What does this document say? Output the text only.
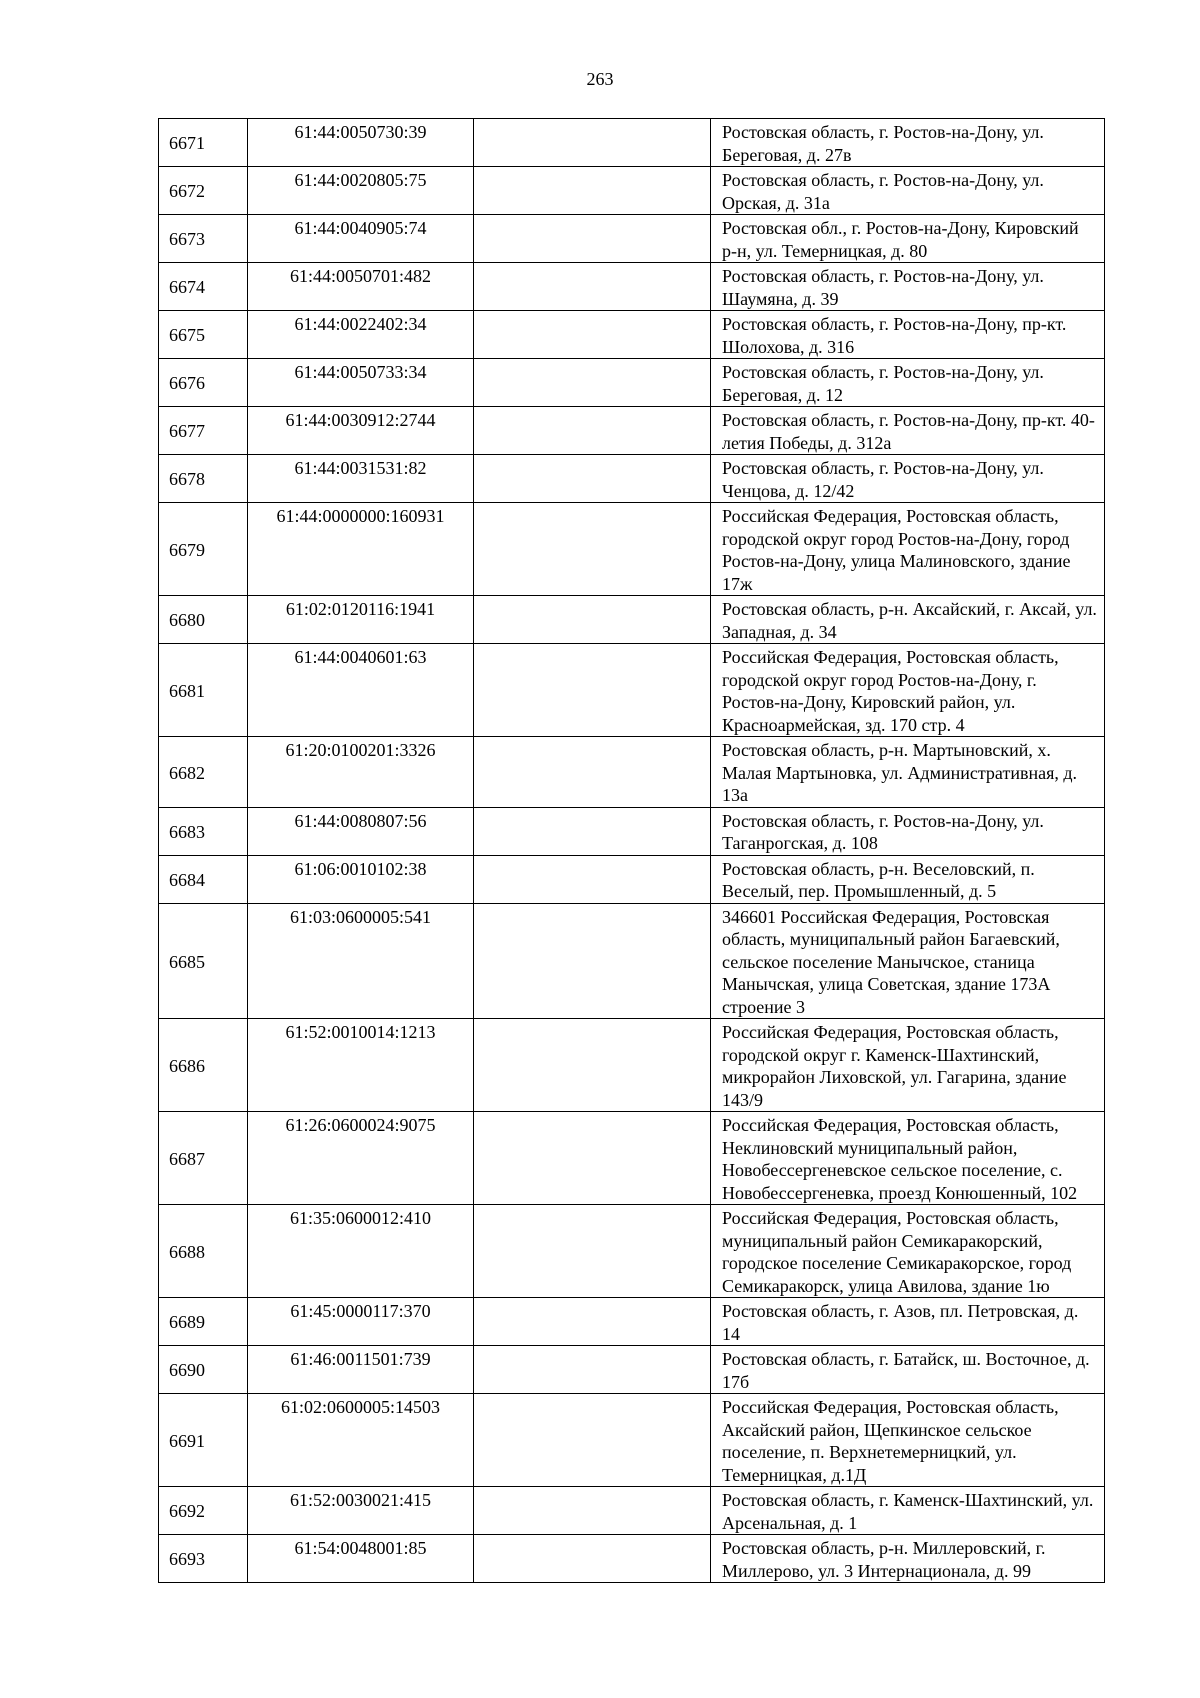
263
6671	61:44:0050730:39		Ростовская область, г. Ростов-на-Дону, ул. Береговая, д. 27в
6672	61:44:0020805:75		Ростовская область, г. Ростов-на-Дону, ул. Орская, д. 31а
6673	61:44:0040905:74		Ростовская обл., г. Ростов-на-Дону, Кировский р-н, ул. Темерницкая, д. 80
6674	61:44:0050701:482		Ростовская область, г. Ростов-на-Дону, ул. Шаумяна, д. 39
6675	61:44:0022402:34		Ростовская область, г. Ростов-на-Дону, пр-кт. Шолохова, д. 316
6676	61:44:0050733:34		Ростовская область, г. Ростов-на-Дону, ул. Береговая, д. 12
6677	61:44:0030912:2744		Ростовская область, г. Ростов-на-Дону, пр-кт. 40-летия Победы, д. 312а
6678	61:44:0031531:82		Ростовская область, г. Ростов-на-Дону, ул. Ченцова, д. 12/42
6679	61:44:0000000:160931		Российская Федерация, Ростовская область, городской округ город Ростов-на-Дону, город Ростов-на-Дону, улица Малиновского, здание 17ж
6680	61:02:0120116:1941		Ростовская область, р-н. Аксайский, г. Аксай, ул. Западная, д. 34
6681	61:44:0040601:63		Российская Федерация, Ростовская область, городской округ город Ростов-на-Дону, г. Ростов-на-Дону, Кировский район, ул. Красноармейская, зд. 170 стр. 4
6682	61:20:0100201:3326		Ростовская область, р-н. Мартыновский, х. Малая Мартыновка, ул. Административная, д. 13а
6683	61:44:0080807:56		Ростовская область, г. Ростов-на-Дону, ул. Таганрогская, д. 108
6684	61:06:0010102:38		Ростовская область, р-н. Веселовский, п. Веселый, пер. Промышленный, д. 5
6685	61:03:0600005:541		346601 Российская Федерация, Ростовская область, муниципальный район Багаевский, сельское поселение Манычское, станица Манычская, улица Советская, здание 173А строение 3
6686	61:52:0010014:1213		Российская Федерация, Ростовская область, городской округ г. Каменск-Шахтинский, микрорайон Лиховской, ул. Гагарина, здание 143/9
6687	61:26:0600024:9075		Российская Федерация, Ростовская область, Неклиновский муниципальный район, Новобессергеневское сельское поселение, с. Новобессергеневка, проезд Конюшенный, 102
6688	61:35:0600012:410		Российская Федерация, Ростовская область, муниципальный район Семикаракорский, городское поселение Семикаракорское, город Семикаракорск, улица Авилова, здание 1ю
6689	61:45:0000117:370		Ростовская область, г. Азов, пл. Петровская, д. 14
6690	61:46:0011501:739		Ростовская область, г. Батайск, ш. Восточное, д. 17б
6691	61:02:0600005:14503		Российская Федерация, Ростовская область, Аксайский район, Щепкинское сельское поселение, п. Верхнетемерницкий, ул. Темерницкая, д.1Д
6692	61:52:0030021:415		Ростовская область, г. Каменск-Шахтинский, ул. Арсенальная, д. 1
6693	61:54:0048001:85		Ростовская область, р-н. Миллеровский, г. Миллерово, ул. 3 Интернационала, д. 99
